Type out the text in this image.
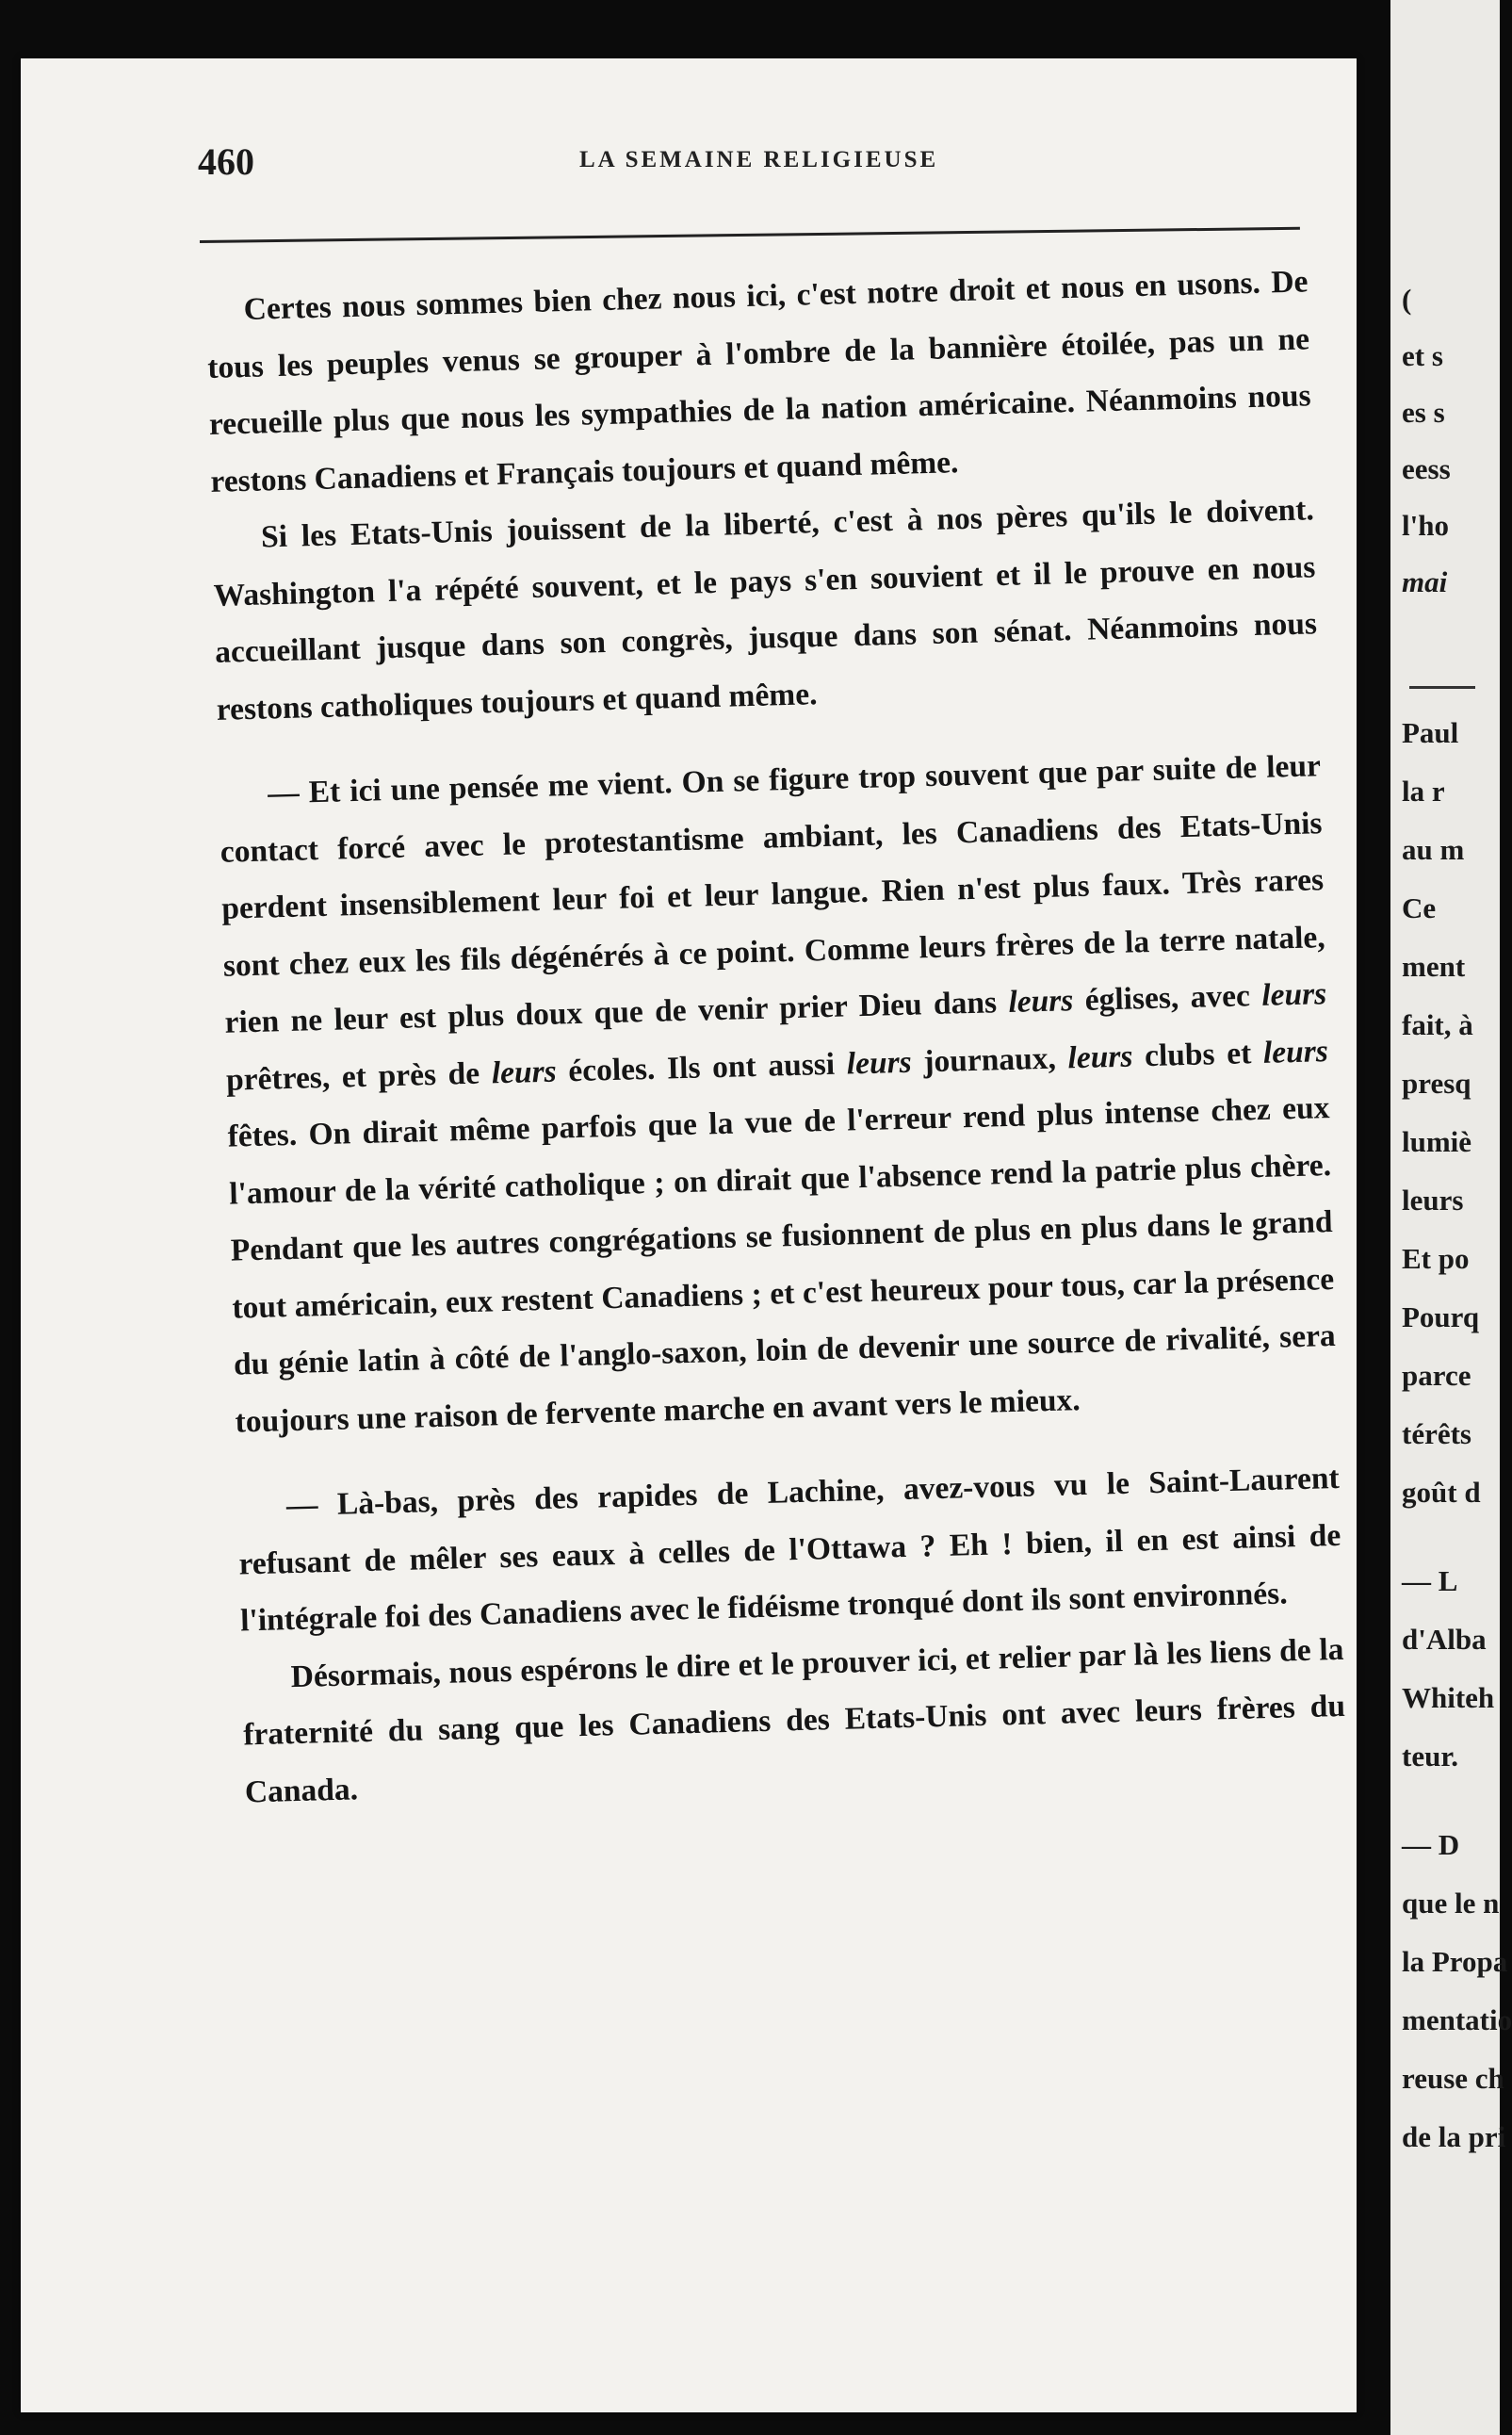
460	LA SEMAINE RELIGIEUSE

Certes nous sommes bien chez nous ici, c'est notre droit et nous en usons. De tous les peuples venus se grouper à l'ombre de la bannière étoilée, pas un ne recueille plus que nous les sympathies de la nation américaine. Néanmoins nous restons Canadiens et Français toujours et quand même.

Si les Etats-Unis jouissent de la liberté, c'est à nos pères qu'ils le doivent. Washington l'a répété souvent, et le pays s'en souvient et il le prouve en nous accueillant jusque dans son congrès, jusque dans son sénat. Néanmoins nous restons catholiques toujours et quand même.

— Et ici une pensée me vient. On se figure trop souvent que par suite de leur contact forcé avec le protestantisme ambiant, les Canadiens des Etats-Unis perdent insensiblement leur foi et leur langue. Rien n'est plus faux. Très rares sont chez eux les fils dégénérés à ce point. Comme leurs frères de la terre natale, rien ne leur est plus doux que de venir prier Dieu dans leurs églises, avec leurs prêtres, et près de leurs écoles. Ils ont aussi leurs journaux, leurs clubs et leurs fêtes. On dirait même parfois que la vue de l'erreur rend plus intense chez eux l'amour de la vérité catholique ; on dirait que l'absence rend la patrie plus chère. Pendant que les autres congrégations se fusionnent de plus en plus dans le grand tout américain, eux restent Canadiens ; et c'est heureux pour tous, car la présence du génie latin à côté de l'anglo-saxon, loin de devenir une source de rivalité, sera toujours une raison de fervente marche en avant vers le mieux.

— Là-bas, près des rapides de Lachine, avez-vous vu le Saint-Laurent refusant de mêler ses eaux à celles de l'Ottawa ? Eh ! bien, il en est ainsi de l'intégrale foi des Canadiens avec le fidéisme tronqué dont ils sont environnés.

Désormais, nous espérons le dire et le prouver ici, et relier par là les liens de la fraternité du sang que les Canadiens des Etats-Unis ont avec leurs frères du Canada.

(
et s
es s
eess
l'ho
mai
Paul
la r
au m
Ce
ment
fait, à
presq
lumiè
leurs
Et po
Pourq
parce
térêts
goût d
— L
d'Alba
Whiteh
teur.
— D
que le n
la Propa
mentatio
reuse ch
de la pri
